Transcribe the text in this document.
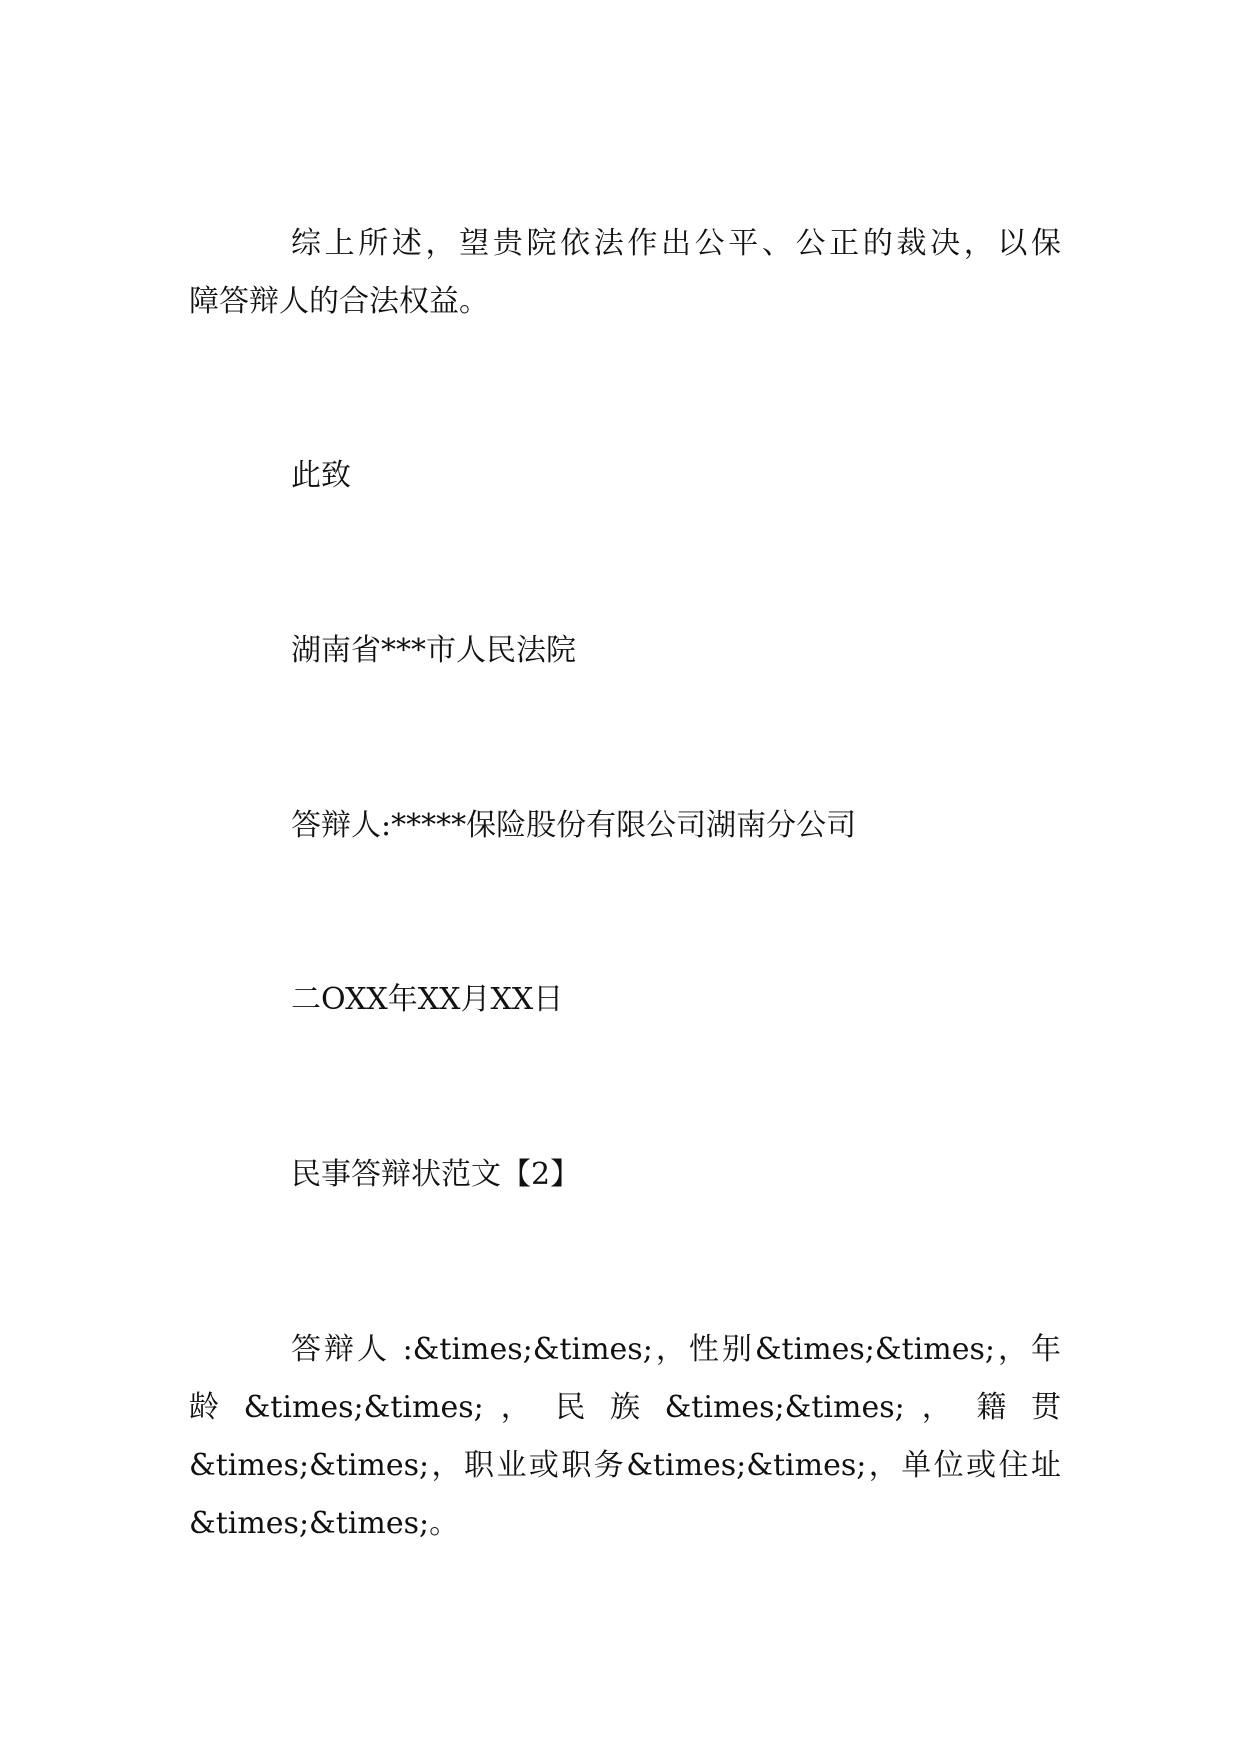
综上所述，望贵院依法作出公平、公正的裁决，以保
障答辩人的合法权益。
此致
湖南省***市人民法院
答辩人:*****保险股份有限公司湖南分公司
二OXX年XX月XX日
民事答辩状范文【2】
答辩人 :&times;&times;，性别&times;&times;，年
龄 &times;&times; ， 民 族 &times;&times; ， 籍 贯
&times;&times;，职业或职务&times;&times;，单位或住址
&times;&times;。
